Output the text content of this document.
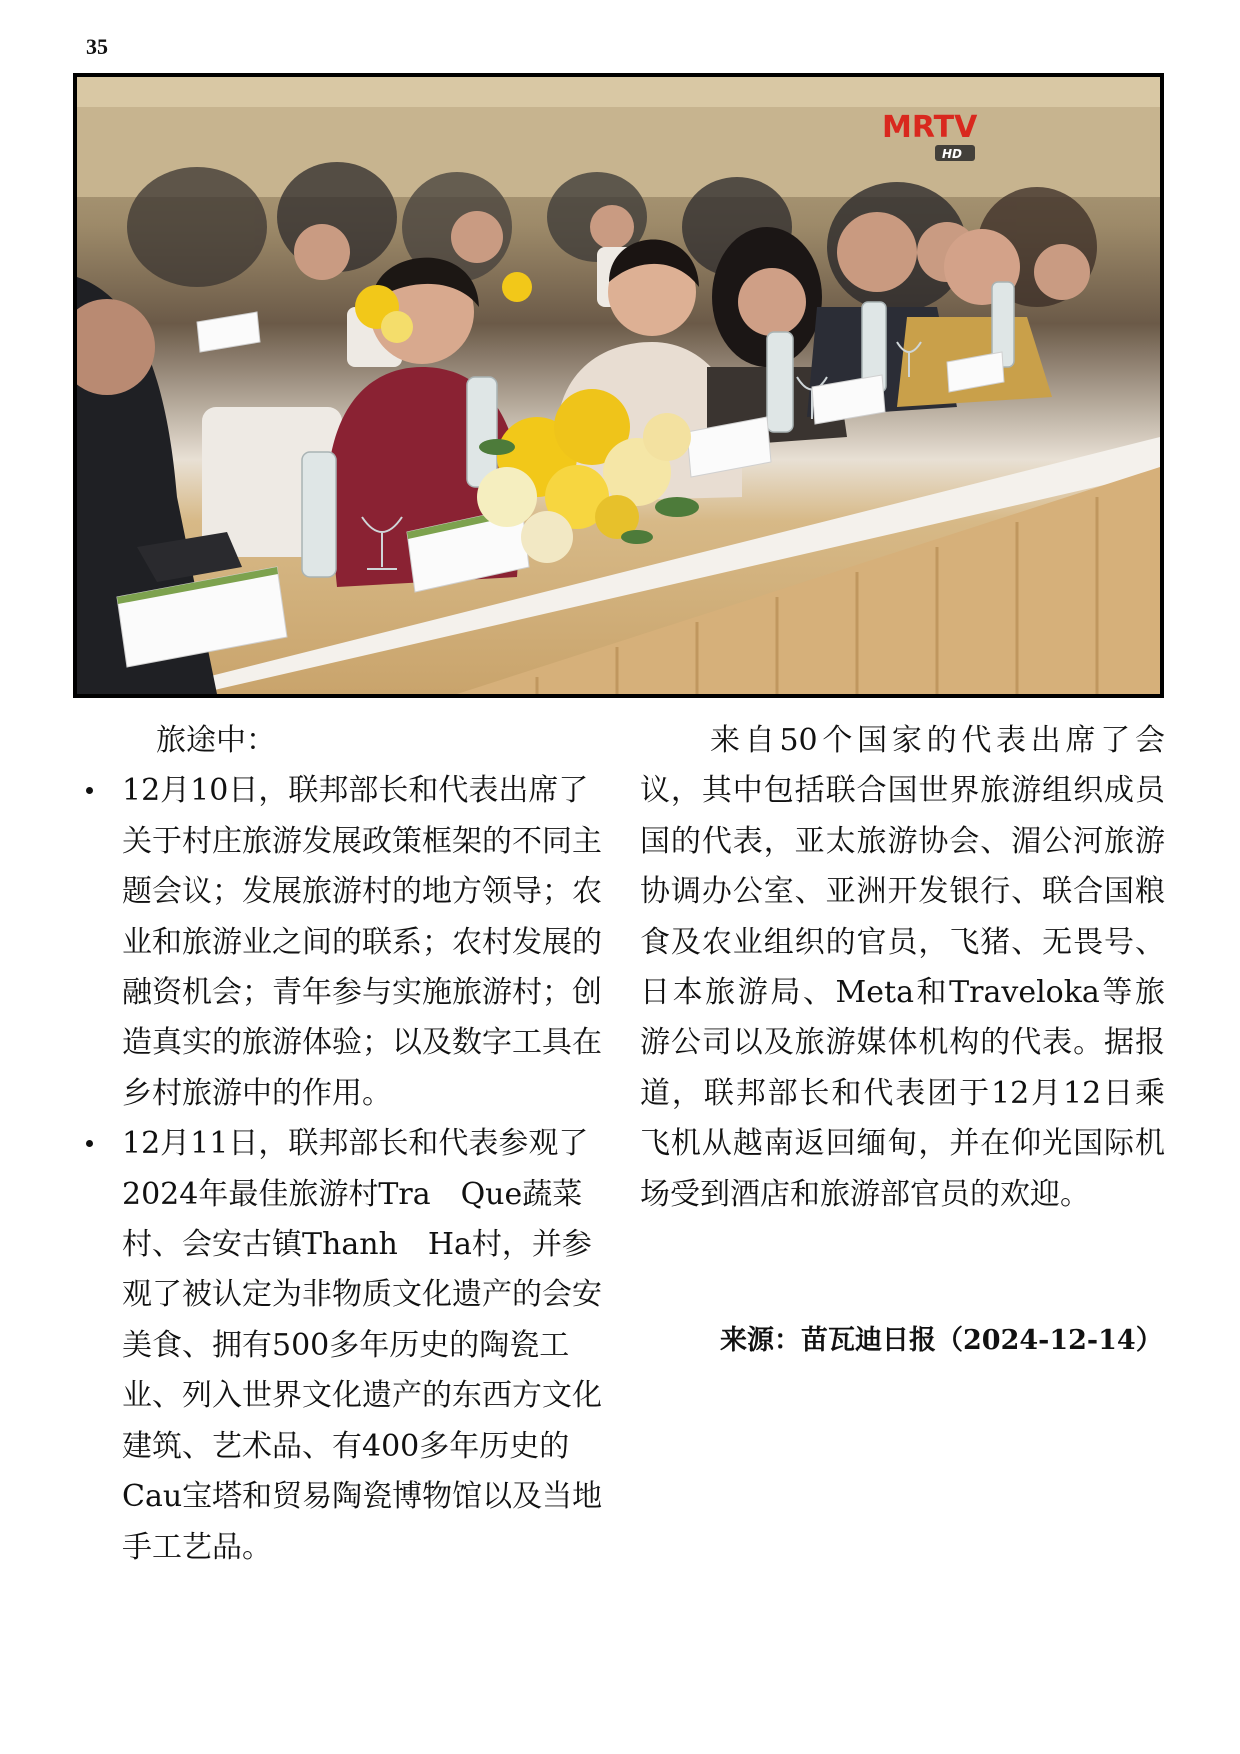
35
MRTV
HD

旅途中：

12月10日，联邦部长和代表出席了关于村庄旅游发展政策框架的不同主题会议；发展旅游村的地方领导；农业和旅游业之间的联系；农村发展的融资机会；青年参与实施旅游村；创造真实的旅游体验；以及数字工具在乡村旅游中的作用。
12月11日，联邦部长和代表参观了2024年最佳旅游村Tra　Que蔬菜村、会安古镇Thanh　Ha村，并参观了被认定为非物质文化遗产的会安美食、拥有500多年历史的陶瓷工业、列入世界文化遗产的东西方文化建筑、艺术品、有400多年历史的Cau宝塔和贸易陶瓷博物馆以及当地手工艺品。

来自50个国家的代表出席了会议，其中包括联合国世界旅游组织成员国的代表，亚太旅游协会、湄公河旅游协调办公室、亚洲开发银行、联合国粮食及农业组织的官员，飞猪、无畏号、日本旅游局、Meta和Traveloka等旅游公司以及旅游媒体机构的代表。据报道，联邦部长和代表团于12月12日乘飞机从越南返回缅甸，并在仰光国际机场受到酒店和旅游部官员的欢迎。

来源：苗瓦迪日报（2024-12-14）
